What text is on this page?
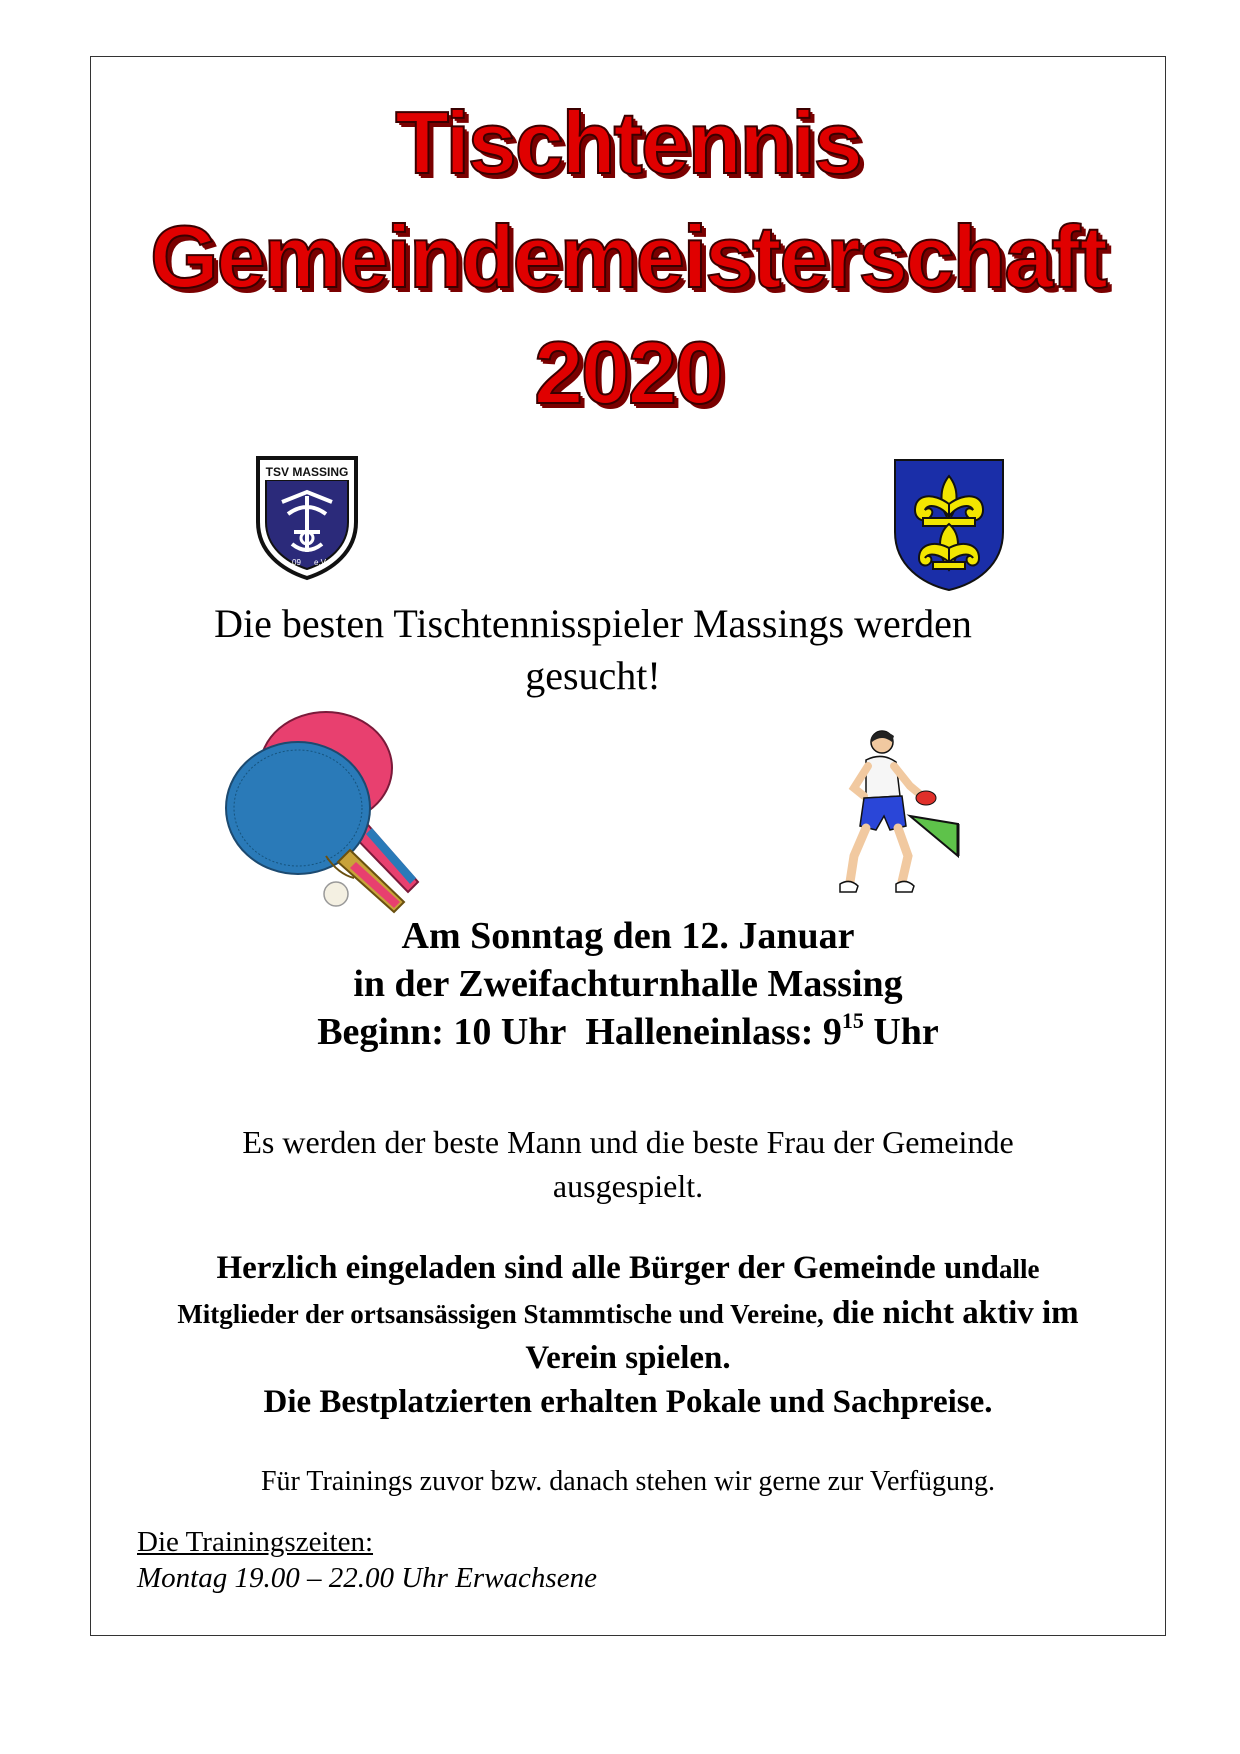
Tischtennis
Gemeindemeisterschaft
2020
TSV MASSING
09 e.V.
Die besten Tischtennisspieler Massings werden gesucht!
Am Sonntag den 12. Januar
in der Zweifachturnhalle Massing
Beginn: 10 Uhr Halleneinlass: $9^{15}$ Uhr
Es werden der beste Mann und die beste Frau der Gemeinde ausgespielt.
Herzlich eingeladen sind alle Bürger der Gemeinde undalle Mitglieder der ortsansässigen Stammtische und Vereine, die nicht aktiv im Verein spielen.
Die Bestplatzierten erhalten Pokale und Sachpreise.
Für Trainings zuvor bzw. danach stehen wir gerne zur Verfügung.
Die Trainingszeiten:
Montag 19.00 – 22.00 Uhr Erwachsene
